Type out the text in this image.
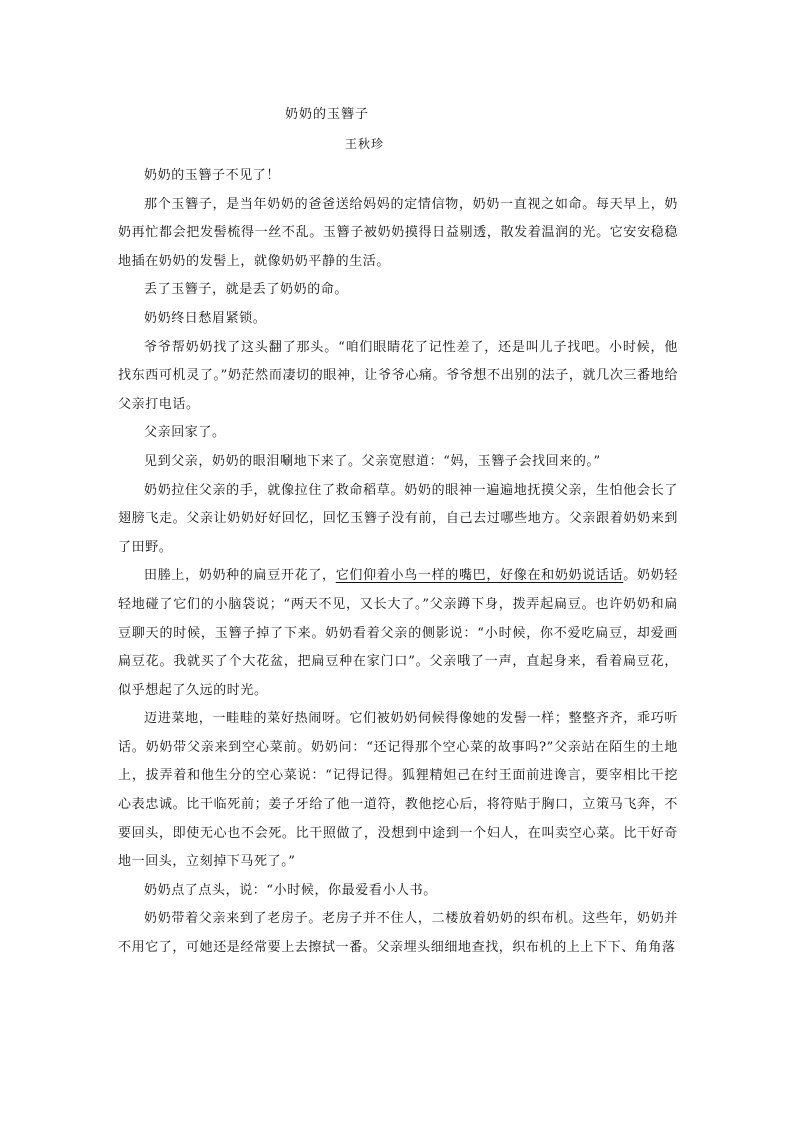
奶奶的玉簪子
王秋珍

奶奶的玉簪子不见了！

那个玉簪子，是当年奶奶的爸爸送给妈妈的定情信物，奶奶一直视之如命。每天早上，奶奶再忙都会把发髻梳得一丝不乱。玉簪子被奶奶摸得日益剔透，散发着温润的光。它安安稳稳地插在奶奶的发髻上，就像奶奶平静的生活。

丢了玉簪子，就是丢了奶奶的命。

奶奶终日愁眉紧锁。

爷爷帮奶奶找了这头翻了那头。“咱们眼睛花了记性差了，还是叫儿子找吧。小时候，他找东西可机灵了。”奶茫然而凄切的眼神，让爷爷心痛。爷爷想不出别的法子，就几次三番地给父亲打电话。

父亲回家了。

见到父亲，奶奶的眼泪唰地下来了。父亲宽慰道：“妈，玉簪子会找回来的。”

奶奶拉住父亲的手，就像拉住了救命稻草。奶奶的眼神一遍遍地抚摸父亲，生怕他会长了翅膀飞走。父亲让奶奶好好回忆，回忆玉簪子没有前，自己去过哪些地方。父亲跟着奶奶来到了田野。

田塍上，奶奶种的扁豆开花了，它们仰着小鸟一样的嘴巴，好像在和奶奶说话话。奶奶轻轻地碰了它们的小脑袋说；“两天不见，又长大了。”父亲蹲下身，拨弄起扁豆。也许奶奶和扁豆聊天的时候，玉簪子掉了下来。奶奶看着父亲的侧影说：“小时候，你不爱吃扁豆，却爱画扁豆花。我就买了个大花盆，把扁豆种在家门口”。父亲哦了一声，直起身来，看着扁豆花，似乎想起了久远的时光。

迈进菜地，一畦畦的菜好热闹呀。它们被奶奶伺候得像她的发髻一样；整整齐齐，乖巧听话。奶奶带父亲来到空心菜前。奶奶问：“还记得那个空心菜的故事吗?”父亲站在陌生的土地上，拔弄着和他生分的空心菜说：“记得记得。狐狸精妲己在纣王面前进谗言，要宰相比干挖心表忠诚。比干临死前；姜子牙给了他一道符，教他挖心后，将符贴于胸口，立策马飞奔，不要回头，即使无心也不会死。比干照做了，没想到中途到一个妇人，在叫卖空心菜。比干好奇地一回头，立刻掉下马死了。”

奶奶点了点头，说：“小时候，你最爱看小人书。

奶奶带着父亲来到了老房子。老房子并不住人，二楼放着奶奶的织布机。这些年，奶奶并不用它了，可她还是经常要上去擦拭一番。父亲埋头细细地查找，织布机的上上下下、角角落
